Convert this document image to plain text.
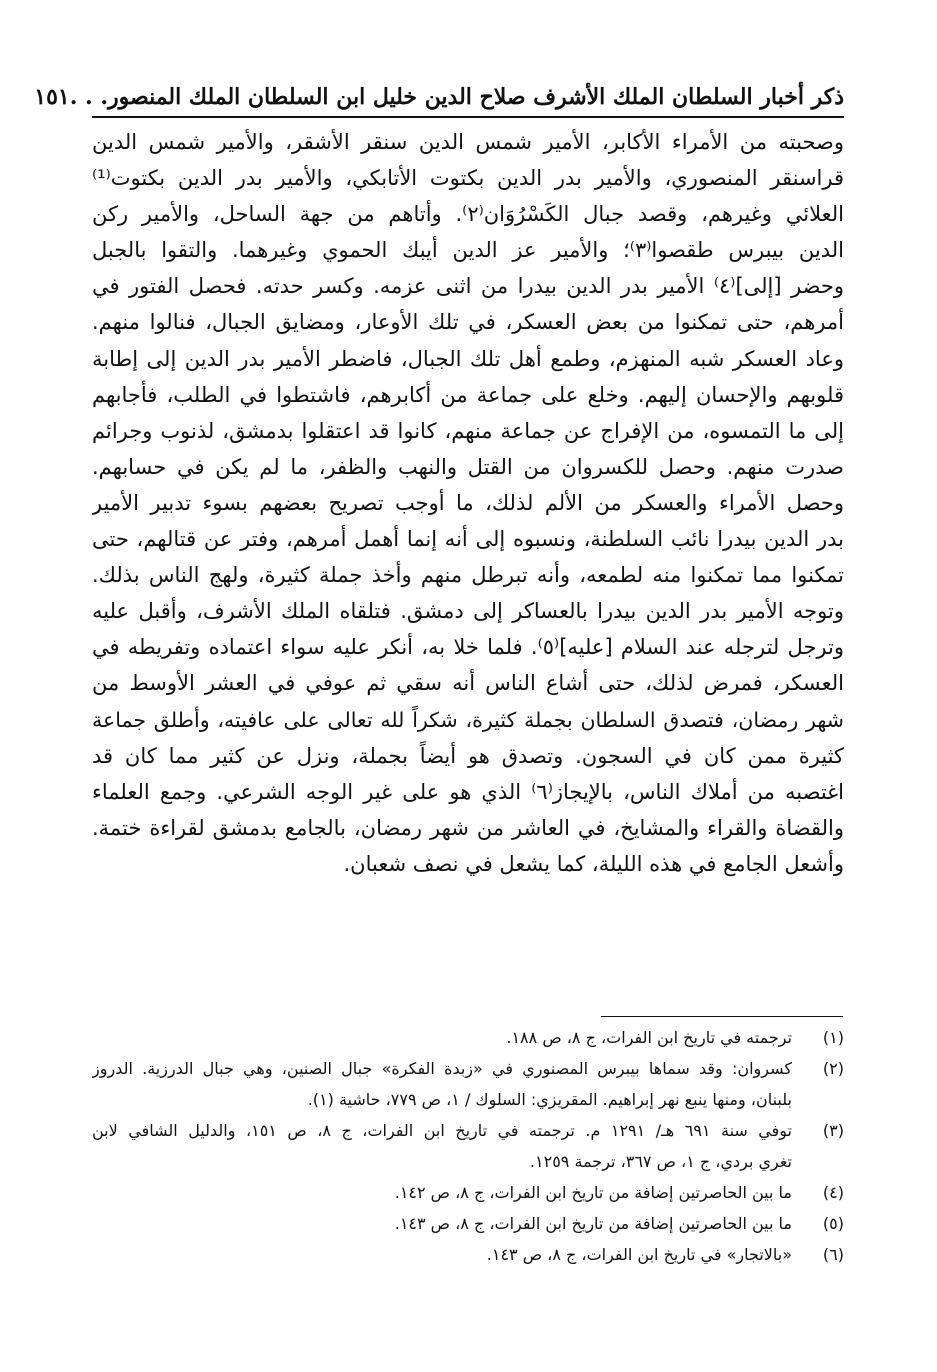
ذكر أخبار السلطان الملك الأشرف صلاح الدين خليل ابن السلطان الملك المنصور. . .
١٥١
وصحبته من الأمراء الأكابر، الأمير شمس الدين سنقر الأشقر، والأمير شمس الدين
قراسنقر المنصوري، والأمير بدر الدين بكتوت الأتابكي، والأمير بدر الدين بكتوت⁽¹⁾
العلائي وغيرهم، وقصد جبال الكَسْرُوَان⁽٢⁾. وأتاهم من جهة الساحل، والأمير ركن
الدين بيبرس طقصوا⁽٣⁾؛ والأمير عز الدين أيبك الحموي وغيرهما. والتقوا بالجبل
وحضر [إلى]⁽٤⁾ الأمير بدر الدين بيدرا من اثنى عزمه. وكسر حدته. فحصل الفتور في
أمرهم، حتى تمكنوا من بعض العسكر، في تلك الأوعار، ومضايق الجبال، فنالوا منهم.
وعاد العسكر شبه المنهزم، وطمع أهل تلك الجبال، فاضطر الأمير بدر الدين إلى إطابة
قلوبهم والإحسان إليهم. وخلع على جماعة من أكابرهم، فاشتطوا في الطلب، فأجابهم
إلى ما التمسوه، من الإفراج عن جماعة منهم، كانوا قد اعتقلوا بدمشق، لذنوب وجرائم
صدرت منهم. وحصل للكسروان من القتل والنهب والظفر، ما لم يكن في حسابهم.
وحصل الأمراء والعسكر من الألم لذلك، ما أوجب تصريح بعضهم بسوء تدبير الأمير
بدر الدين بيدرا نائب السلطنة، ونسبوه إلى أنه إنما أهمل أمرهم، وفتر عن قتالهم، حتى
تمكنوا مما تمكنوا منه لطمعه، وأنه تبرطل منهم وأخذ جملة كثيرة، ولهج الناس بذلك.
وتوجه الأمير بدر الدين بيدرا بالعساكر إلى دمشق. فتلقاه الملك الأشرف، وأقبل عليه
وترجل لترجله عند السلام [عليه]⁽٥⁾. فلما خلا به، أنكر عليه سواء اعتماده وتفريطه في
العسكر، فمرض لذلك، حتى أشاع الناس أنه سقي ثم عوفي في العشر الأوسط من
شهر رمضان، فتصدق السلطان بجملة كثيرة، شكراً لله تعالى على عافيته، وأطلق جماعة
كثيرة ممن كان في السجون. وتصدق هو أيضاً بجملة، ونزل عن كثير مما كان قد
اغتصبه من أملاك الناس، بالإيجاز⁽٦⁾ الذي هو على غير الوجه الشرعي. وجمع العلماء
والقضاة والقراء والمشايخ، في العاشر من شهر رمضان، بالجامع بدمشق لقراءة ختمة.
وأشعل الجامع في هذه الليلة، كما يشعل في نصف شعبان.
(١)
ترجمته في تاريخ ابن الفرات، ج ٨، ص ١٨٨.
(٢)
كسروان: وقد سماها بيبرس المصنوري في «زبدة الفكرة» جبال الصنين، وهي جبال الدرزية. الدروز
بلبنان، ومنها ينبع نهر إبراهيم. المقريزي: السلوك / ١، ص ٧٧٩، حاشية (١).
(٣)
توفي سنة ٦٩١ هـ/ ١٢٩١ م. ترجمته في تاريخ ابن الفرات، ج ٨، ص ١٥١، والدليل الشافي لابن
تغري بردي، ج ١، ص ٣٦٧، ترجمة ١٢٥٩.
(٤)
ما بين الحاصرتين إضافة من تاريخ ابن الفرات، ج ٨، ص ١٤٢.
(٥)
ما بين الحاصرتين إضافة من تاريخ ابن الفرات، ج ٨، ص ١٤٣.
(٦)
«بالاتجار» في تاريخ ابن الفرات، ج ٨، ص ١٤٣.
